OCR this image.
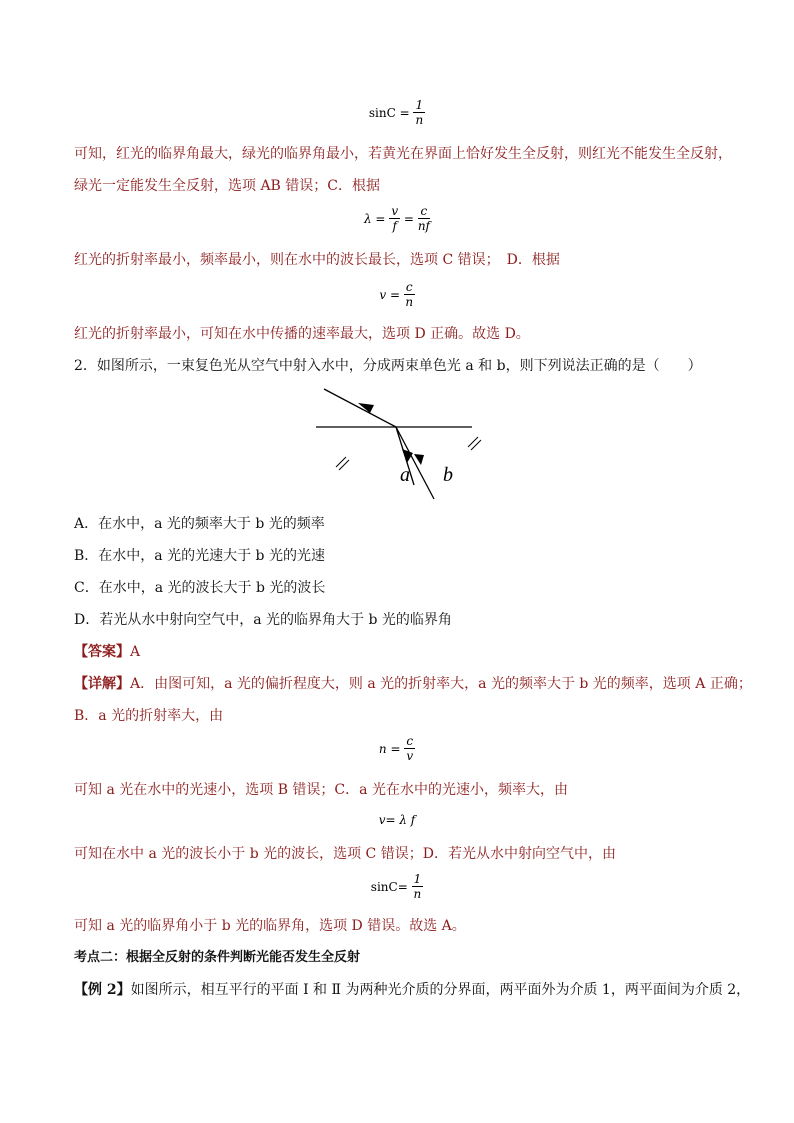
$\sin C = \frac{1}{n}$
可知，红光的临界角最大，绿光的临界角最小，若黄光在界面上恰好发生全反射，则红光不能发生全反射，
绿光一定能发生全反射，选项 AB 错误；C．根据
$\lambda = \frac{v}{f} = \frac{c}{nf}$
红光的折射率最小，频率最小，则在水中的波长最长，选项 C 错误；　D．根据
$v = \frac{c}{n}$
红光的折射率最小，可知在水中传播的速率最大，选项 D 正确。故选 D。
2．如图所示，一束复色光从空气中射入水中，分成两束单色光 a 和 b，则下列说法正确的是（　　）
a b
A．在水中，a 光的频率大于 b 光的频率
B．在水中，a 光的光速大于 b 光的光速
C．在水中，a 光的波长大于 b 光的波长
D．若光从水中射向空气中，a 光的临界角大于 b 光的临界角
【答案】A
【详解】A．由图可知，a 光的偏折程度大，则 a 光的折射率大，a 光的频率大于 b 光的频率，选项 A 正确；
B．a 光的折射率大，由
$n = \frac{c}{v}$
可知 a 光在水中的光速小，选项 B 错误；C．a 光在水中的光速小，频率大，由
v= λ f
可知在水中 a 光的波长小于 b 光的波长，选项 C 错误；D．若光从水中射向空气中，由
$\sin C= \frac{1}{n}$
可知 a 光的临界角小于 b 光的临界角，选项 D 错误。故选 A。
考点二：根据全反射的条件判断光能否发生全反射
【例 2】如图所示，相互平行的平面 Ⅰ 和 Ⅱ 为两种光介质的分界面，两平面外为介质 1，两平面间为介质 2，
